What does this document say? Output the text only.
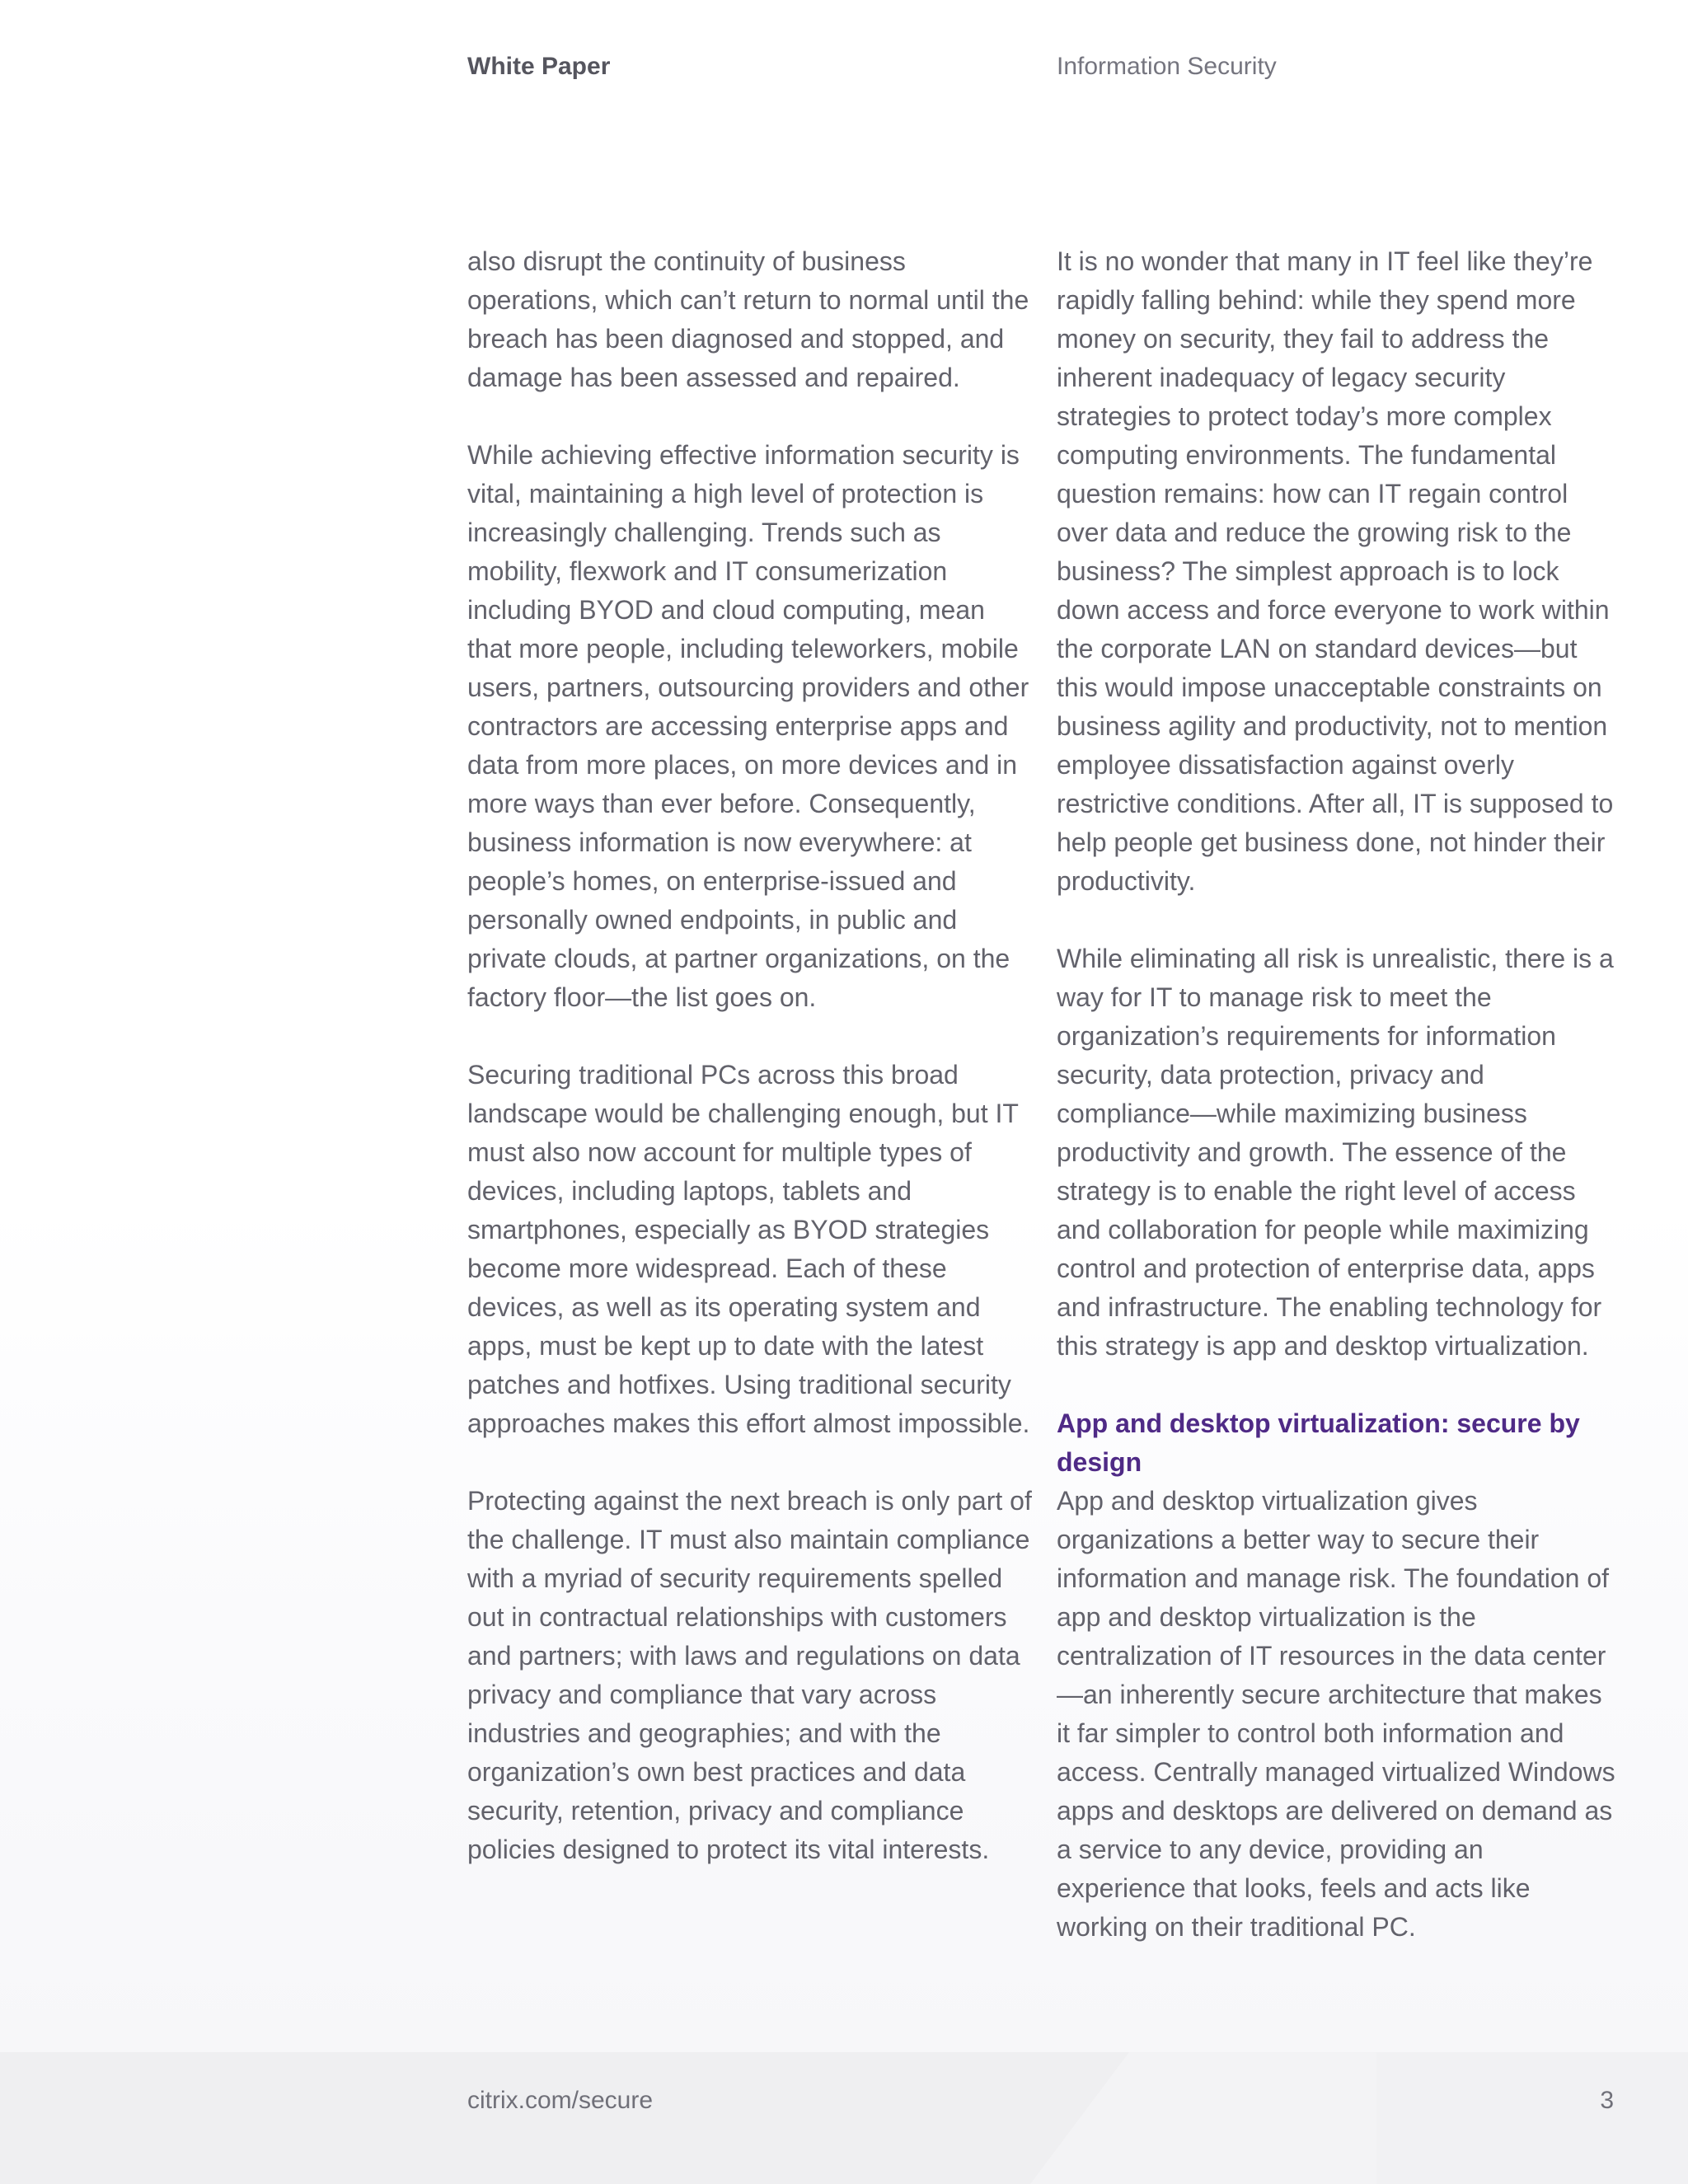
White Paper	Information Security

also disrupt the continuity of business operations, which can’t return to normal until the breach has been diagnosed and stopped, and damage has been assessed and repaired.

While achieving effective information security is vital, maintaining a high level of protection is increasingly challenging. Trends such as mobility, flexwork and IT consumerization including BYOD and cloud computing, mean that more people, including teleworkers, mobile users, partners, outsourcing providers and other contractors are accessing enterprise apps and data from more places, on more devices and in more ways than ever before. Consequently, business information is now everywhere: at people’s homes, on enterprise-issued and personally owned endpoints, in public and private clouds, at partner organizations, on the factory floor—the list goes on.

Securing traditional PCs across this broad landscape would be challenging enough, but IT must also now account for multiple types of devices, including laptops, tablets and smartphones, especially as BYOD strategies become more widespread. Each of these devices, as well as its operating system and apps, must be kept up to date with the latest patches and hotfixes. Using traditional security approaches makes this effort almost impossible.

Protecting against the next breach is only part of the challenge. IT must also maintain compliance with a myriad of security requirements spelled out in contractual relationships with customers and partners; with laws and regulations on data privacy and compliance that vary across industries and geographies; and with the organization’s own best practices and data security, retention, privacy and compliance policies designed to protect its vital interests.

It is no wonder that many in IT feel like they’re rapidly falling behind: while they spend more money on security, they fail to address the inherent inadequacy of legacy security strategies to protect today’s more complex computing environments. The fundamental question remains: how can IT regain control over data and reduce the growing risk to the business? The simplest approach is to lock down access and force everyone to work within the corporate LAN on standard devices—but this would impose unacceptable constraints on business agility and productivity, not to mention employee dissatisfaction against overly restrictive conditions. After all, IT is supposed to help people get business done, not hinder their productivity.

While eliminating all risk is unrealistic, there is a way for IT to manage risk to meet the organization’s requirements for information security, data protection, privacy and compliance—while maximizing business productivity and growth. The essence of the strategy is to enable the right level of access and collaboration for people while maximizing control and protection of enterprise data, apps and infrastructure. The enabling technology for this strategy is app and desktop virtualization.

App and desktop virtualization: secure by design

App and desktop virtualization gives organizations a better way to secure their information and manage risk. The foundation of app and desktop virtualization is the centralization of IT resources in the data center—an inherently secure architecture that makes it far simpler to control both information and access. Centrally managed virtualized Windows apps and desktops are delivered on demand as a service to any device, providing an experience that looks, feels and acts like working on their traditional PC.

citrix.com/secure	3
